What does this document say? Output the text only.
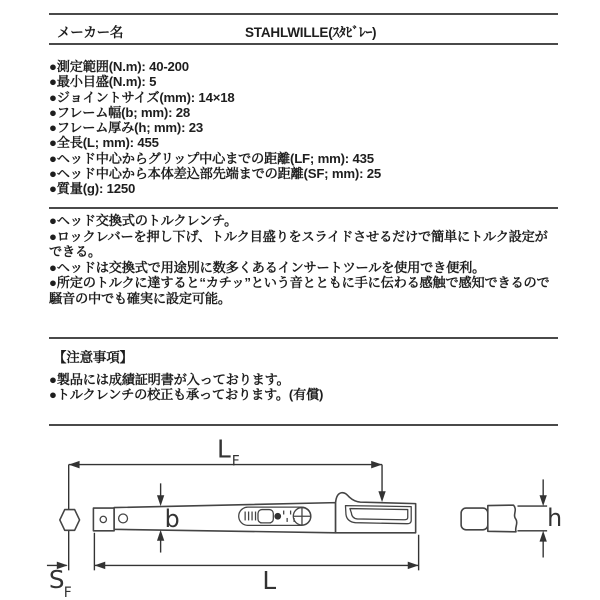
メーカー名	STAHLWILLE(ｽﾀﾋﾞﾚｰ)
●測定範囲(N.m): 40-200
●最小目盛(N.m): 5
●ジョイントサイズ(mm): 14×18
●フレーム幅(b; mm): 28
●フレーム厚み(h; mm): 23
●全長(L; mm): 455
●ヘッド中心からグリップ中心までの距離(LF; mm): 435
●ヘッド中心から本体差込部先端までの距離(SF; mm): 25
●質量(g): 1250
●ヘッド交換式のトルクレンチ。
●ロックレバーを押し下げ、トルク目盛りをスライドさせるだけで簡単にトルク設定ができる。
●ヘッドは交換式で用途別に数多くあるインサートツールを使用でき便利。
●所定のトルクに達すると“カチッ”という音とともに手に伝わる感触で感知できるので騒音の中でも確実に設定可能。
【注意事項】
●製品には成績証明書が入っております。
●トルクレンチの校正も承っております。(有償)
L F
b	h
L
S F
